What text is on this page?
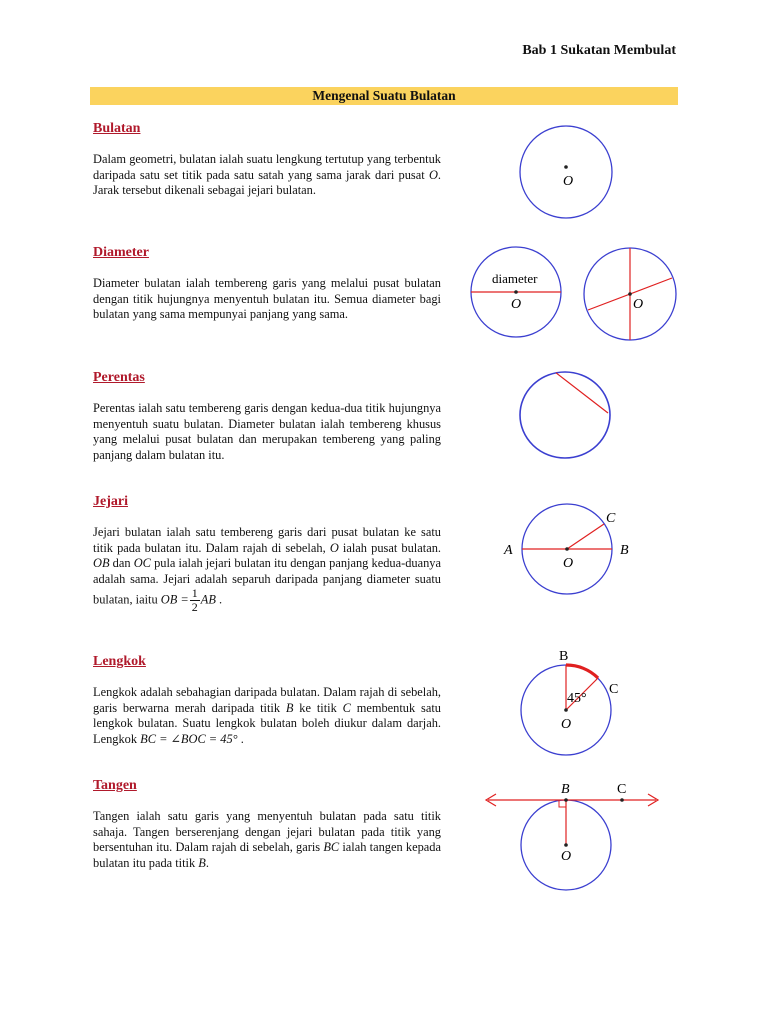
Bab 1 Sukatan Membulat
Mengenal Suatu Bulatan
Bulatan

Dalam geometri, bulatan ialah suatu lengkung tertutup yang terbentuk daripada satu set titik pada satu satah yang sama jarak dari pusat O. Jarak tersebut dikenali sebagai jejari bulatan.

Diameter

Diameter bulatan ialah tembereng garis yang melalui pusat bulatan dengan titik hujungnya menyentuh bulatan itu. Semua diameter bagi bulatan yang sama mempunyai panjang yang sama.

Perentas

Perentas ialah satu tembereng garis dengan kedua-dua titik hujungnya menyentuh suatu bulatan. Diameter bulatan ialah tembereng khusus yang melalui pusat bulatan dan merupakan tembereng yang paling panjang dalam bulatan itu.

Jejari

Jejari bulatan ialah satu tembereng garis dari pusat bulatan ke satu titik pada bulatan itu. Dalam rajah di sebelah, O ialah pusat bulatan. OB dan OC pula ialah jejari bulatan itu dengan panjang kedua-duanya adalah sama. Jejari adalah separuh daripada panjang diameter suatu bulatan, iaitu OB = $\frac{1}{2}$ AB .

Lengkok

Lengkok adalah sebahagian daripada bulatan. Dalam rajah di sebelah, garis berwarna merah daripada titik B ke titik C membentuk satu lengkok bulatan. Suatu lengkok bulatan boleh diukur dalam darjah. Lengkok BC = ∠BOC = 45° .

Tangen

Tangen ialah satu garis yang menyentuh bulatan pada satu titik sahaja. Tangen berserenjang dengan jejari bulatan pada titik yang bersentuhan itu. Dalam rajah di sebelah, garis BC ialah tangen kepada bulatan itu pada titik B.

O
diameter
O	O
A	B
C
O
45°
B
C
O
B	C
O
